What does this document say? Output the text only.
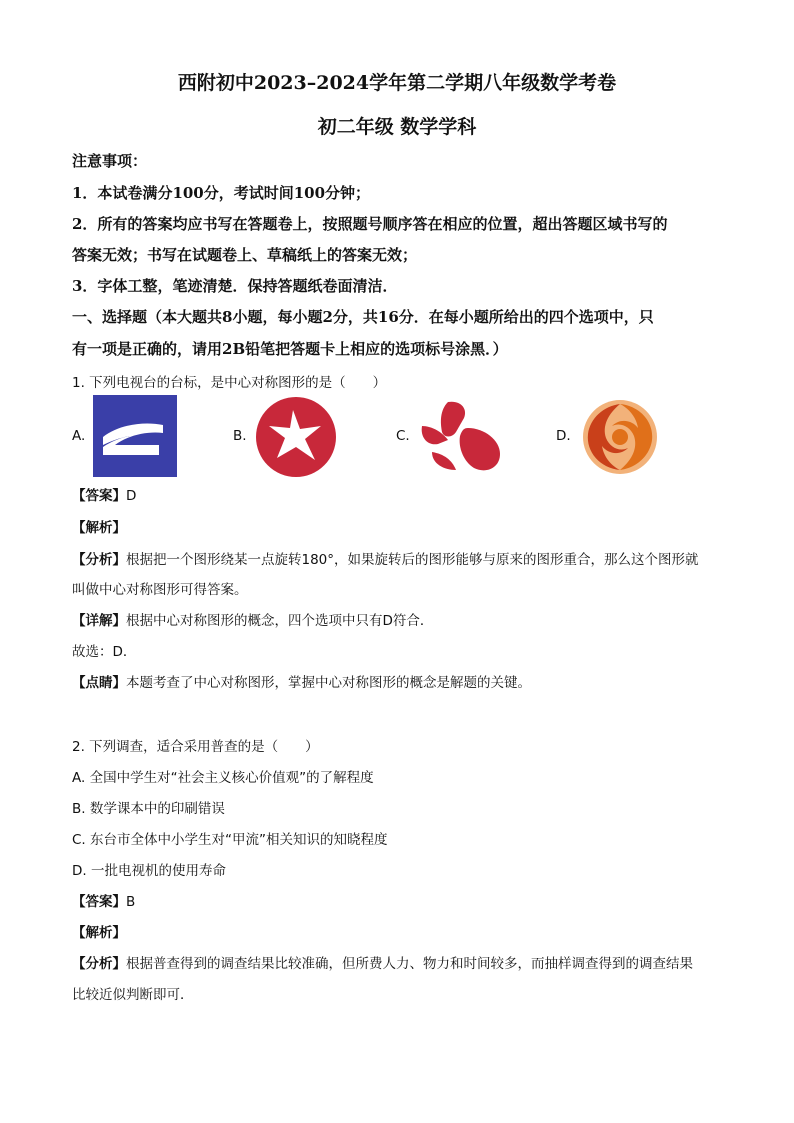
西附初中2023–2024学年第二学期八年级数学考卷
初二年级 数学学科
注意事项：
1．本试卷满分100分，考试时间100分钟；
2．所有的答案均应书写在答题卷上，按照题号顺序答在相应的位置，超出答题区域书写的
答案无效；书写在试题卷上、草稿纸上的答案无效；
3．字体工整，笔迹清楚．保持答题纸卷面清洁．
一、选择题（本大题共8小题，每小题2分，共16分．在每小题所给出的四个选项中，只
有一项是正确的，请用2B铅笔把答题卡上相应的选项标号涂黑．）
1. 下列电视台的台标，是中心对称图形的是（　　）
A.	B.	C.	D.
【答案】D
【解析】
【分析】根据把一个图形绕某一点旋转180°，如果旋转后的图形能够与原来的图形重合，那么这个图形就
叫做中心对称图形可得答案。
【详解】根据中心对称图形的概念，四个选项中只有D符合．
故选：D．
【点睛】本题考查了中心对称图形，掌握中心对称图形的概念是解题的关键。
2. 下列调查，适合采用普查的是（　　）
A. 全国中学生对“社会主义核心价值观”的了解程度
B. 数学课本中的印刷错误
C. 东台市全体中小学生对“甲流”相关知识的知晓程度
D. 一批电视机的使用寿命
【答案】B
【解析】
【分析】根据普查得到的调查结果比较准确，但所费人力、物力和时间较多，而抽样调查得到的调查结果
比较近似判断即可．
